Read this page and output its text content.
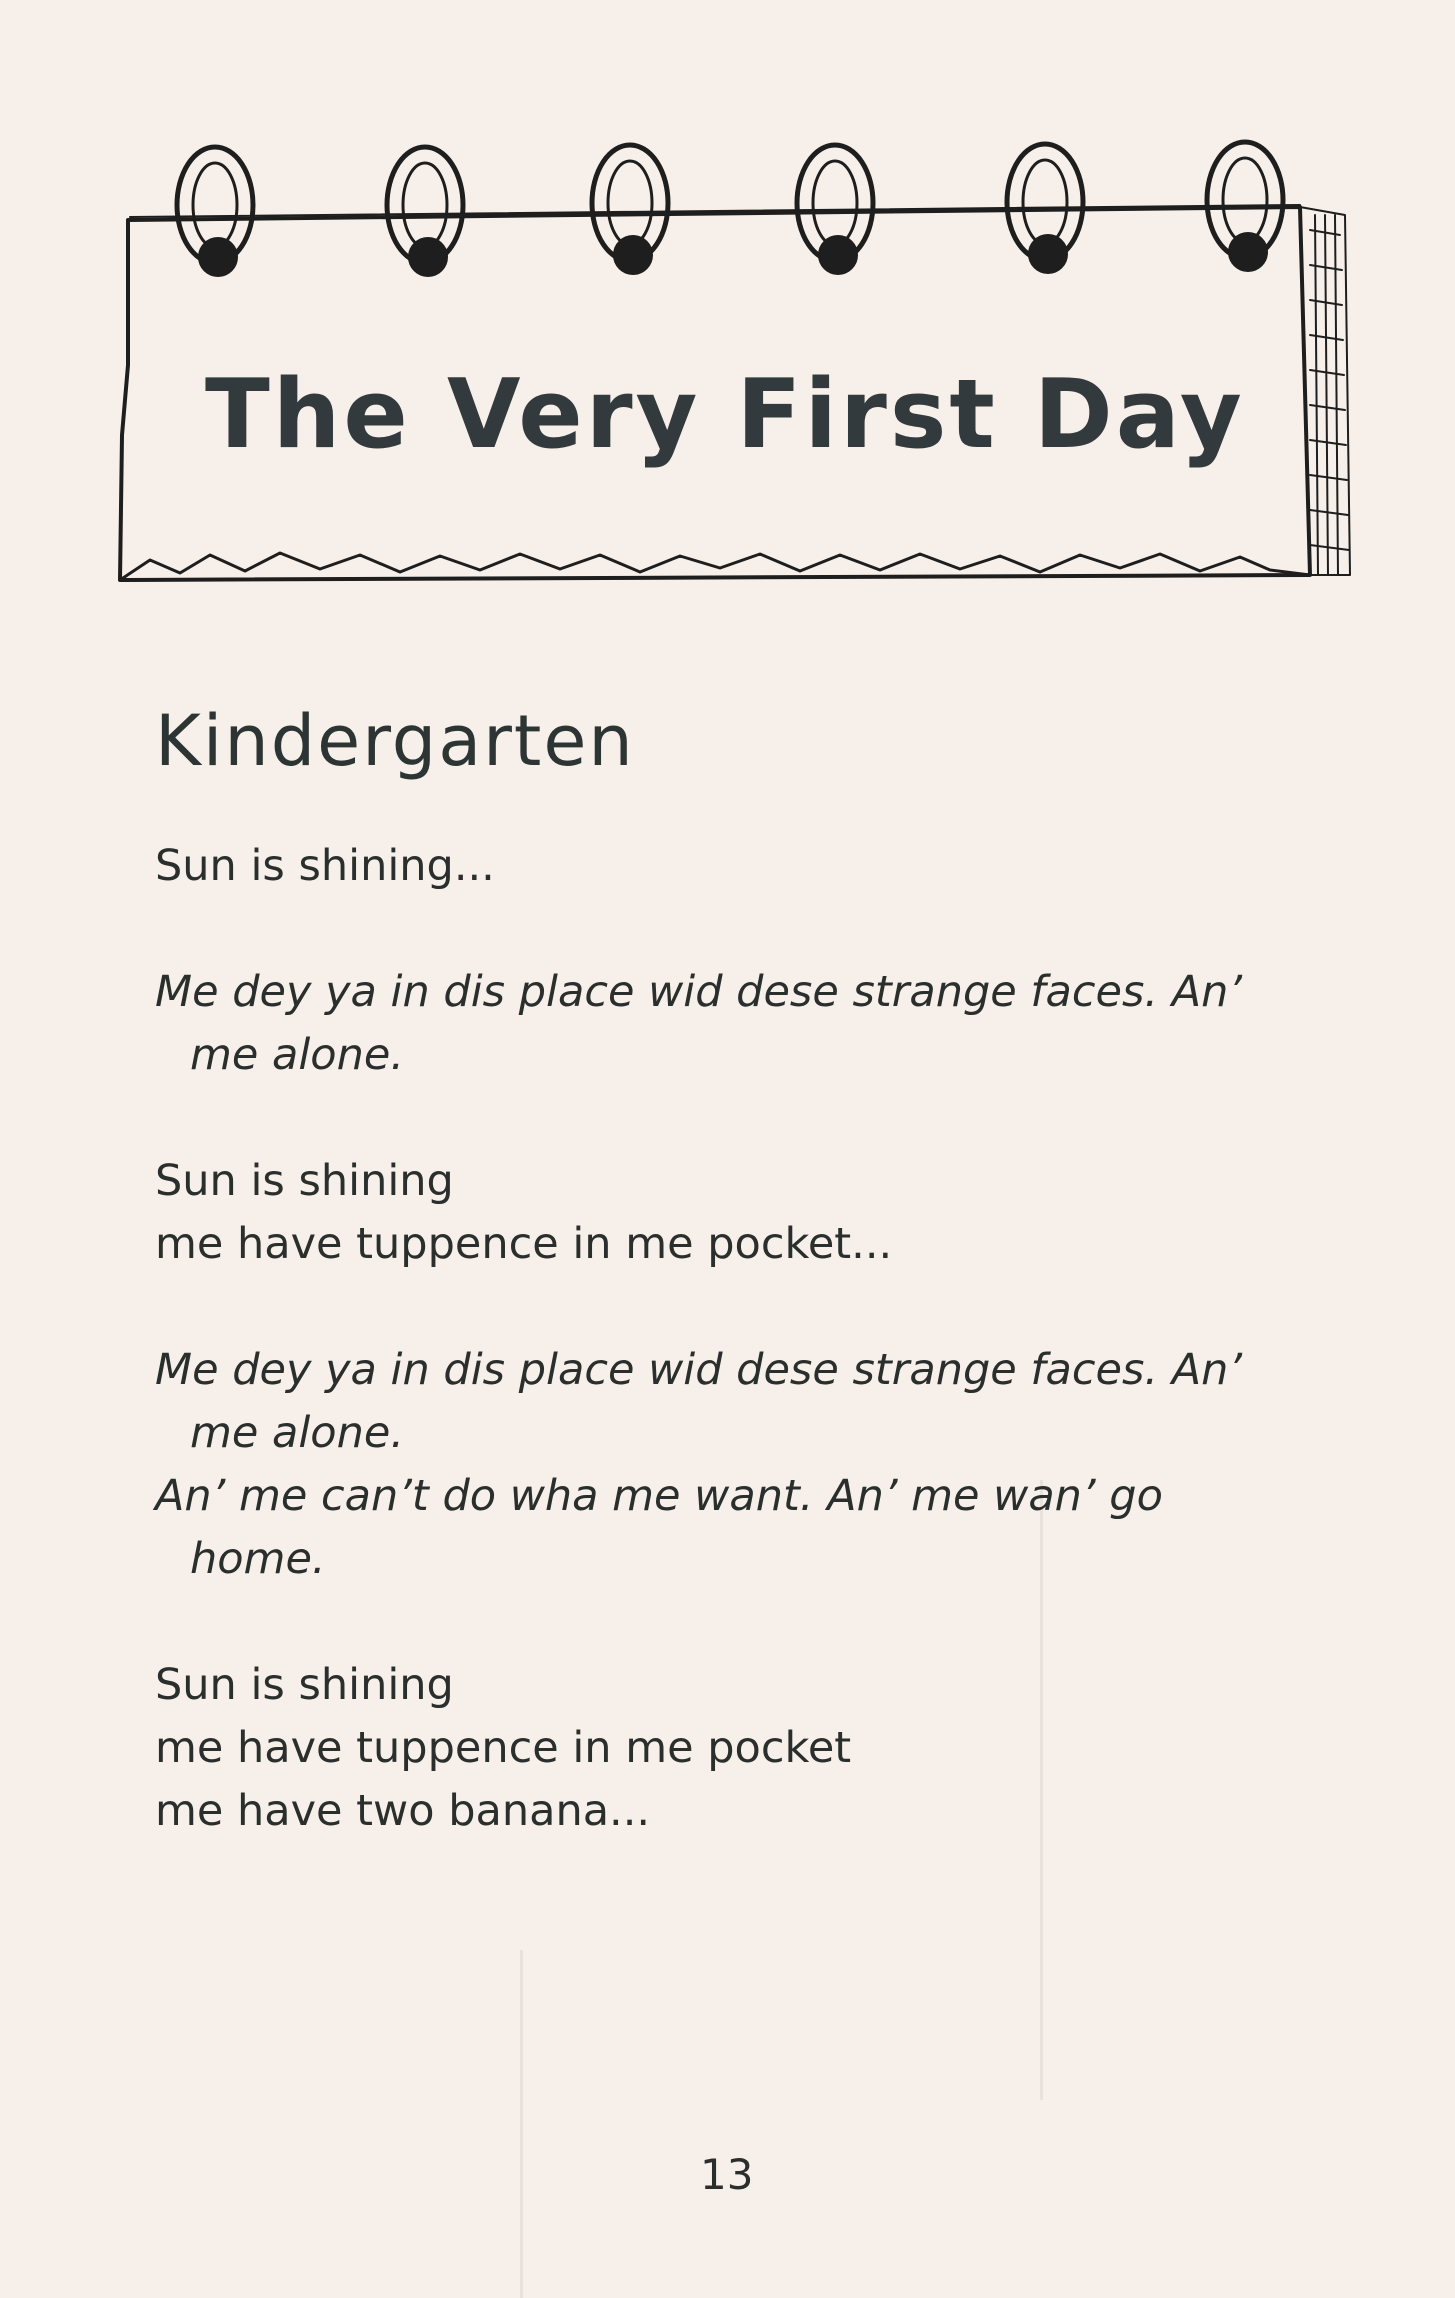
The Very First Day
Kindergarten
Sun is shining...
Me dey ya in dis place wid dese strange faces. An’
me alone.
Sun is shining
me have tuppence in me pocket...
Me dey ya in dis place wid dese strange faces. An’
me alone.
An’ me can’t do wha me want. An’ me wan’ go
home.
Sun is shining
me have tuppence in me pocket
me have two banana...
13
